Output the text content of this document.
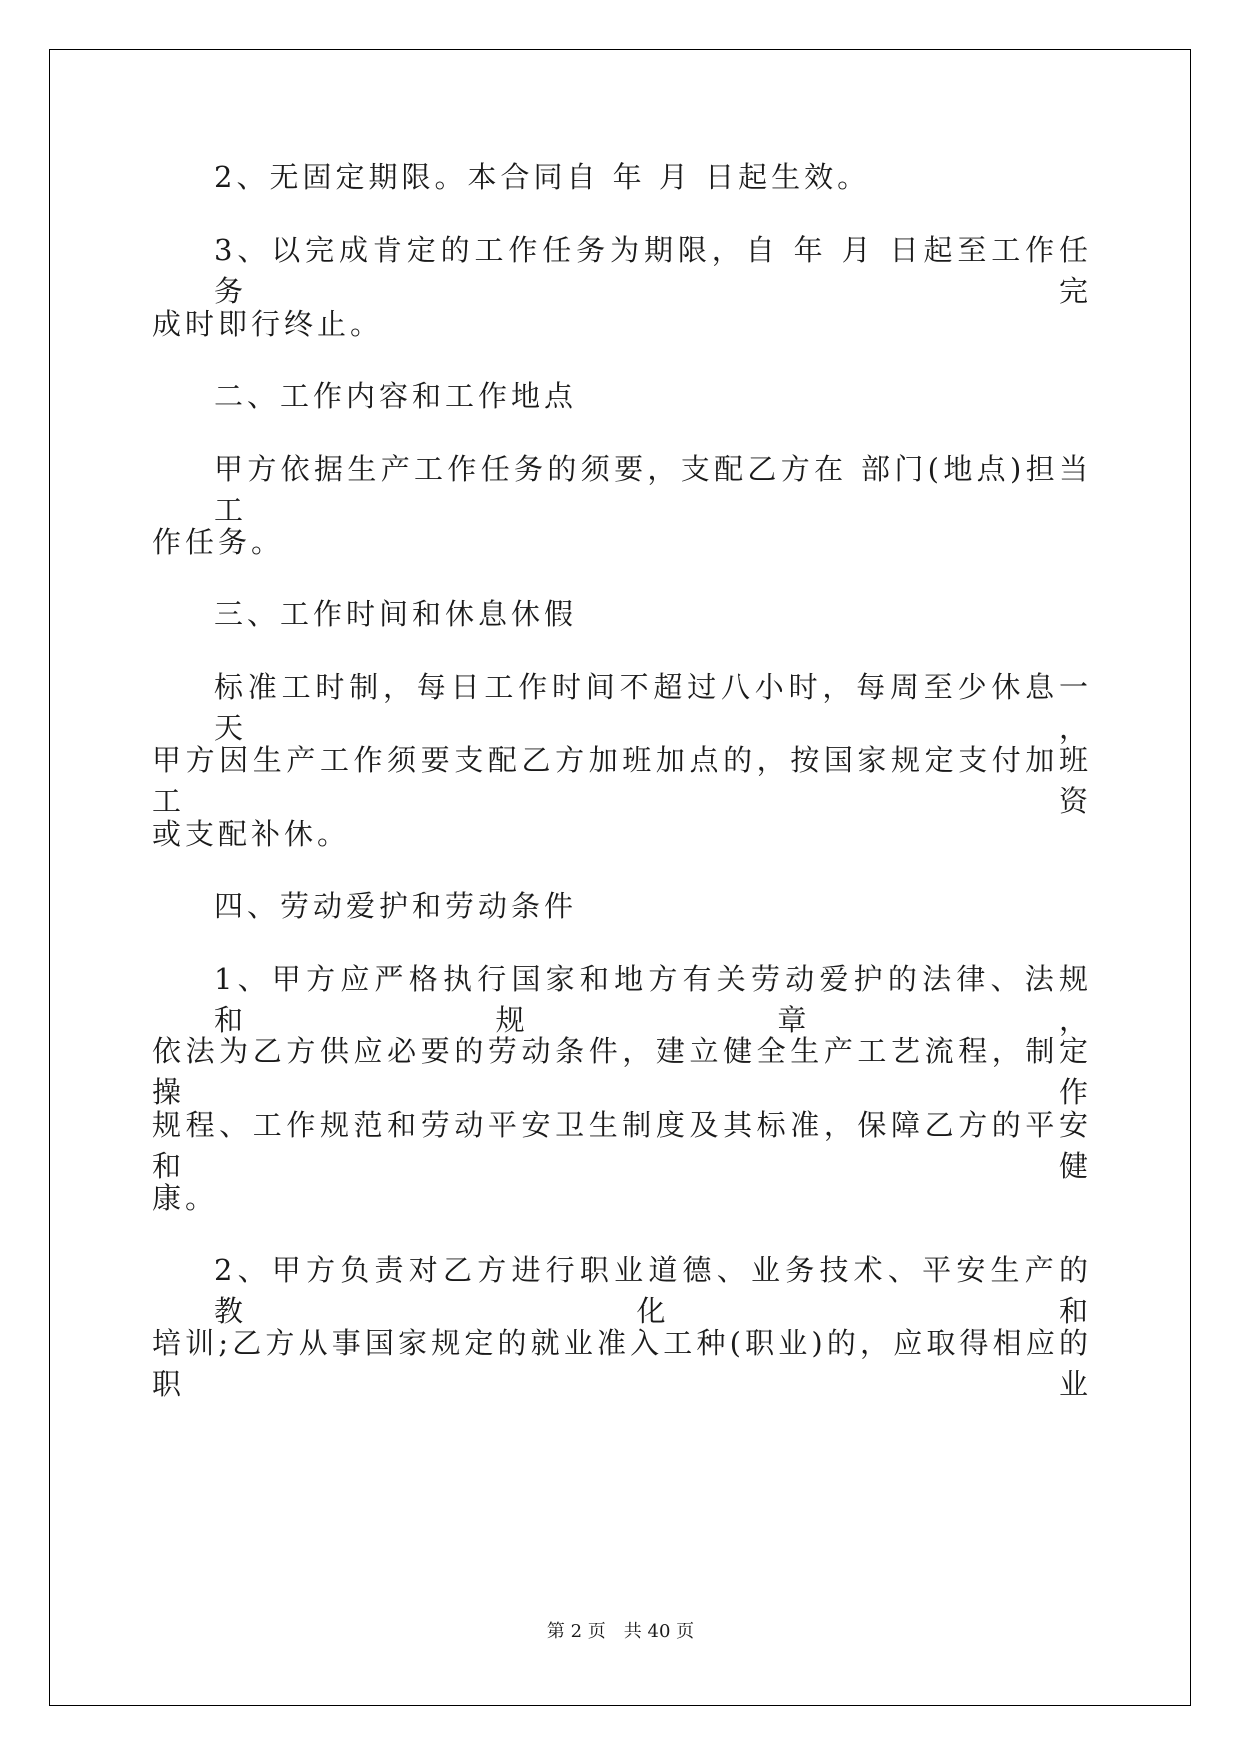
2、无固定期限。本合同自 年 月 日起生效。
3、以完成肯定的工作任务为期限，自 年 月 日起至工作任务 完
成时即行终止。
二、工作内容和工作地点
甲方依据生产工作任务的须要，支配乙方在 部门(地点)担当 工
作任务。
三、工作时间和休息休假
标准工时制，每日工作时间不超过八小时，每周至少休息一天，
甲方因生产工作须要支配乙方加班加点的，按国家规定支付加班工资
或支配补休。
四、劳动爱护和劳动条件
1、甲方应严格执行国家和地方有关劳动爱护的法律、法规和规章，
依法为乙方供应必要的劳动条件，建立健全生产工艺流程，制定操作
规程、工作规范和劳动平安卫生制度及其标准，保障乙方的平安和健
康。
2、甲方负责对乙方进行职业道德、业务技术、平安生产的教化和
培训;乙方从事国家规定的就业准入工种(职业)的，应取得相应的职业
第 2 页　共 40 页
